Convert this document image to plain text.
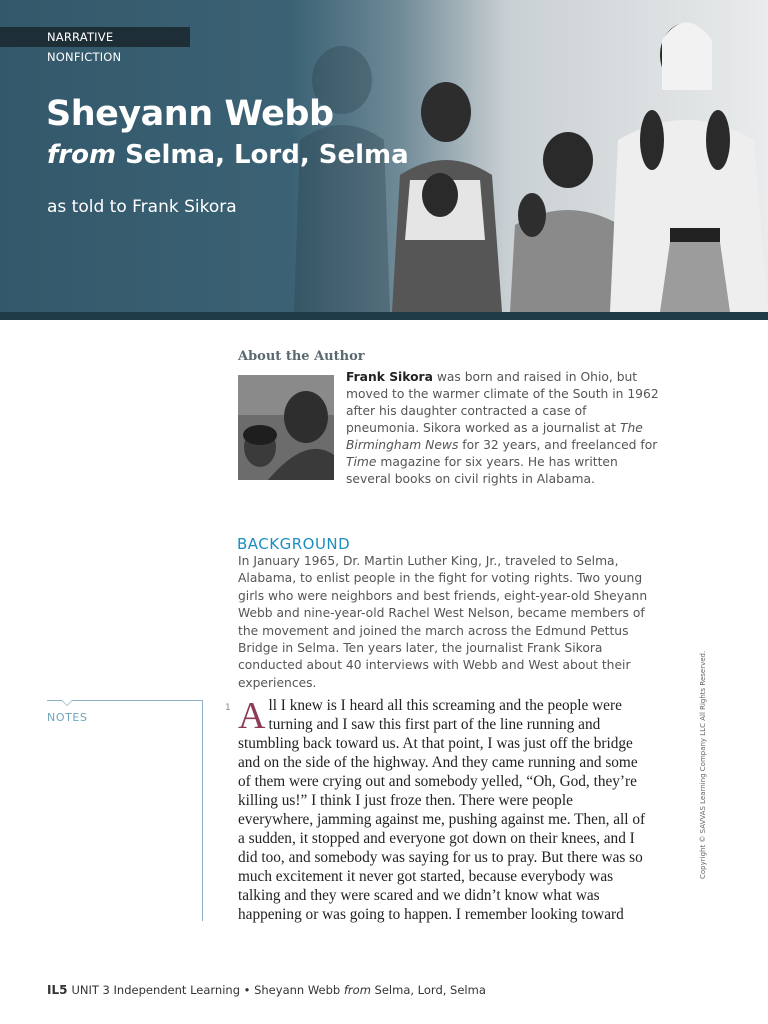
NARRATIVE NONFICTION
Sheyann Webb
from Selma, Lord, Selma
as told to Frank Sikora
About the Author
Frank Sikora was born and raised in Ohio, but moved to the warmer climate of the South in 1962 after his daughter contracted a case of pneumonia. Sikora worked as a journalist at The Birmingham News for 32 years, and freelanced for Time magazine for six years. He has written several books on civil rights in Alabama.
BACKGROUND
In January 1965, Dr. Martin Luther King, Jr., traveled to Selma, Alabama, to enlist people in the fight for voting rights. Two young girls who were neighbors and best friends, eight-year-old Sheyann Webb and nine-year-old Rachel West Nelson, became members of the movement and joined the march across the Edmund Pettus Bridge in Selma. Ten years later, the journalist Frank Sikora conducted about 40 interviews with Webb and West about their experiences.
NOTES
1 All I knew is I heard all this screaming and the people were turning and I saw this first part of the line running and stumbling back toward us. At that point, I was just off the bridge and on the side of the highway. And they came running and some of them were crying out and somebody yelled, “Oh, God, they’re killing us!” I think I just froze then. There were people everywhere, jamming against me, pushing against me. Then, all of a sudden, it stopped and everyone got down on their knees, and I did too, and somebody was saying for us to pray. But there was so much excitement it never got started, because everybody was talking and they were scared and we didn’t know what was happening or was going to happen. I remember looking toward

Copyright © SAVVAS Learning Company LLC All Rights Reserved.
IL5 UNIT 3 Independent Learning • Sheyann Webb from Selma, Lord, Selma
